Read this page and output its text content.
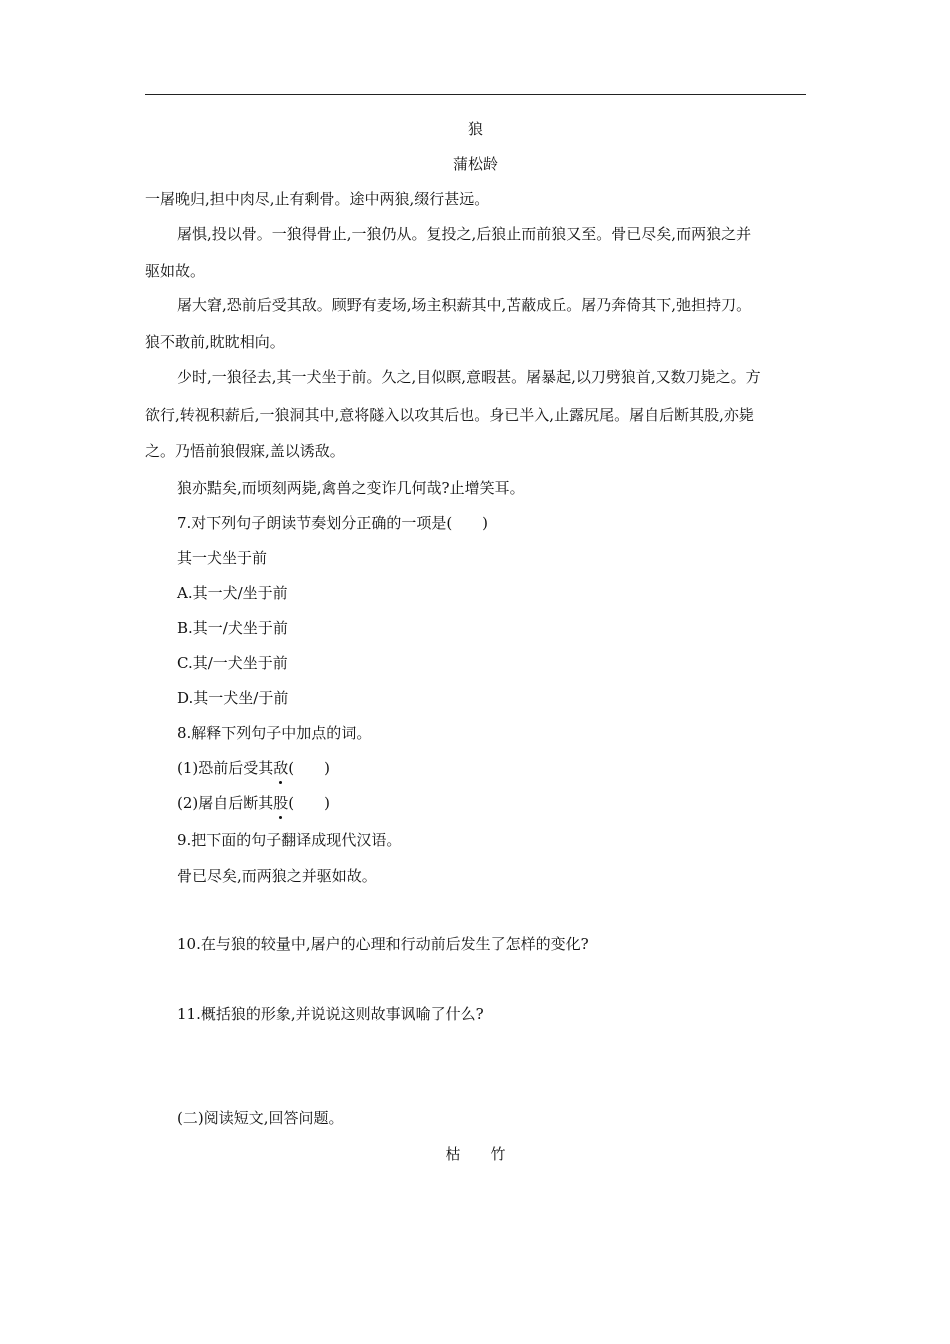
狼
蒲松龄
一屠晚归,担中肉尽,止有剩骨。途中两狼,缀行甚远。
屠惧,投以骨。一狼得骨止,一狼仍从。复投之,后狼止而前狼又至。骨已尽矣,而两狼之并
驱如故。
屠大窘,恐前后受其敌。顾野有麦场,场主积薪其中,苫蔽成丘。屠乃奔倚其下,弛担持刀。
狼不敢前,眈眈相向。
少时,一狼径去,其一犬坐于前。久之,目似瞑,意暇甚。屠暴起,以刀劈狼首,又数刀毙之。方
欲行,转视积薪后,一狼洞其中,意将隧入以攻其后也。身已半入,止露尻尾。屠自后断其股,亦毙
之。乃悟前狼假寐,盖以诱敌。
狼亦黠矣,而顷刻两毙,禽兽之变诈几何哉?止增笑耳。
7.对下列句子朗读节奏划分正确的一项是(　　)
其一犬坐于前
A.其一犬/坐于前
B.其一/犬坐于前
C.其/一犬坐于前
D.其一犬坐/于前
8.解释下列句子中加点的词。
(1)恐前后受其敌(　　)
(2)屠自后断其股(　　)
9.把下面的句子翻译成现代汉语。
骨已尽矣,而两狼之并驱如故。
10.在与狼的较量中,屠户的心理和行动前后发生了怎样的变化?
11.概括狼的形象,并说说这则故事讽喻了什么?
(二)阅读短文,回答问题。
枯竹
